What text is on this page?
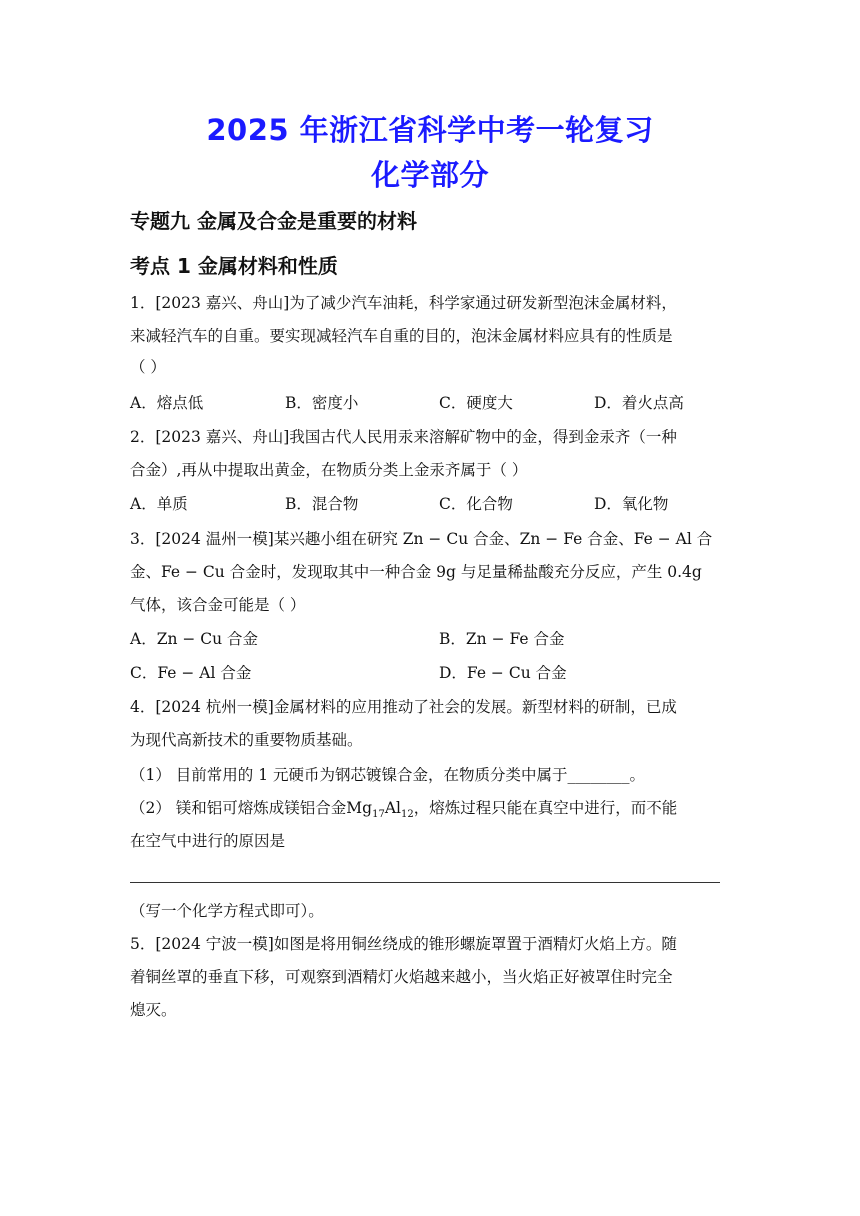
2025 年浙江省科学中考一轮复习
化学部分
专题九 金属及合金是重要的材料
考点 1 金属材料和性质
1．[2023 嘉兴、舟山]为了减少汽车油耗，科学家通过研发新型泡沫金属材料，
来减轻汽车的自重。要实现减轻汽车自重的目的，泡沫金属材料应具有的性质是
（ ）
A．熔点低	B．密度小	C．硬度大	D．着火点高
2．[2023 嘉兴、舟山]我国古代人民用汞来溶解矿物中的金，得到金汞齐（一种
合金）,再从中提取出黄金，在物质分类上金汞齐属于（ ）
A．单质	B．混合物	C．化合物	D．氧化物
3．[2024 温州一模]某兴趣小组在研究 Zn − Cu 合金、Zn − Fe 合金、Fe − Al 合
金、Fe − Cu 合金时，发现取其中一种合金 9g 与足量稀盐酸充分反应，产生 0.4g
气体，该合金可能是（ ）
A．Zn − Cu 合金	B．Zn − Fe 合金
C．Fe − Al 合金	D．Fe − Cu 合金
4．[2024 杭州一模]金属材料的应用推动了社会的发展。新型材料的研制，已成
为现代高新技术的重要物质基础。
（1） 目前常用的 1 元硬币为钢芯镀镍合金，在物质分类中属于________。
（2） 镁和铝可熔炼成镁铝合金$Mg_{17}Al_{12}$，熔炼过程只能在真空中进行，而不能
在空气中进行的原因是
（写一个化学方程式即可）。
5．[2024 宁波一模]如图是将用铜丝绕成的锥形螺旋罩置于酒精灯火焰上方。随
着铜丝罩的垂直下移，可观察到酒精灯火焰越来越小，当火焰正好被罩住时完全
熄灭。
